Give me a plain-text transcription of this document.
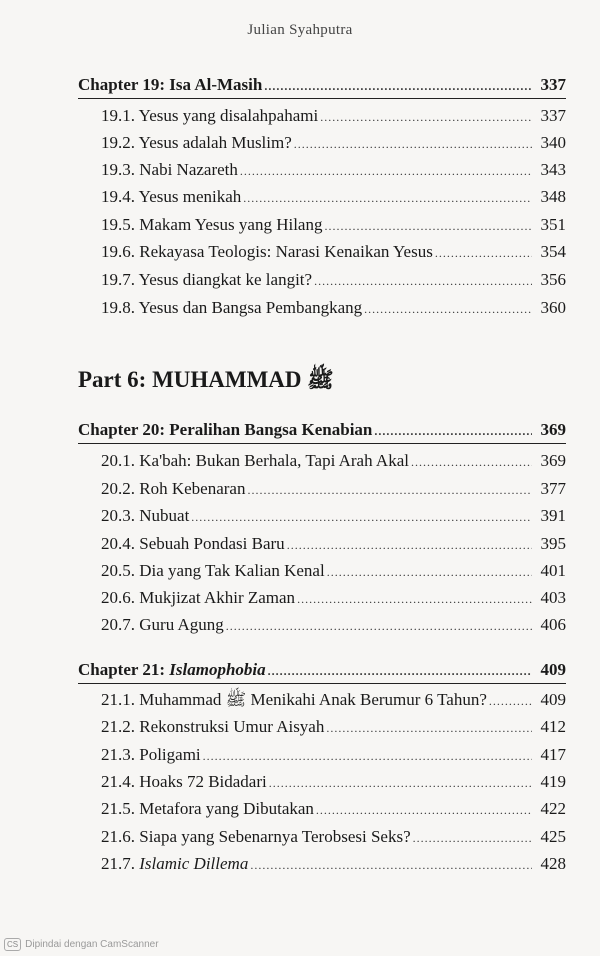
Julian Syahputra
Chapter 19: Isa Al-Masih .....	337
19.1. Yesus yang disalahpahami .....	337
19.2. Yesus adalah Muslim? .....	340
19.3. Nabi Nazareth .....	343
19.4. Yesus menikah .....	348
19.5. Makam Yesus yang Hilang .....	351
19.6. Rekayasa Teologis: Narasi Kenaikan Yesus .....	354
19.7. Yesus diangkat ke langit? .....	356
19.8. Yesus dan Bangsa Pembangkang .....	360
Part 6: MUHAMMAD ﷺ
Chapter 20: Peralihan Bangsa Kenabian .....	369
20.1. Ka'bah: Bukan Berhala, Tapi Arah Akal .....	369
20.2. Roh Kebenaran .....	377
20.3. Nubuat .....	391
20.4. Sebuah Pondasi Baru .....	395
20.5. Dia yang Tak Kalian Kenal .....	401
20.6. Mukjizat Akhir Zaman .....	403
20.7. Guru Agung .....	406
Chapter 21: Islamophobia .....	409
21.1. Muhammad ﷺ Menikahi Anak Berumur 6 Tahun? .....	409
21.2. Rekonstruksi Umur Aisyah .....	412
21.3. Poligami .....	417
21.4. Hoaks 72 Bidadari .....	419
21.5. Metafora yang Dibutakan .....	422
21.6. Siapa yang Sebenarnya Terobsesi Seks? .....	425
21.7. Islamic Dillema .....	428
CS Dipindai dengan CamScanner
